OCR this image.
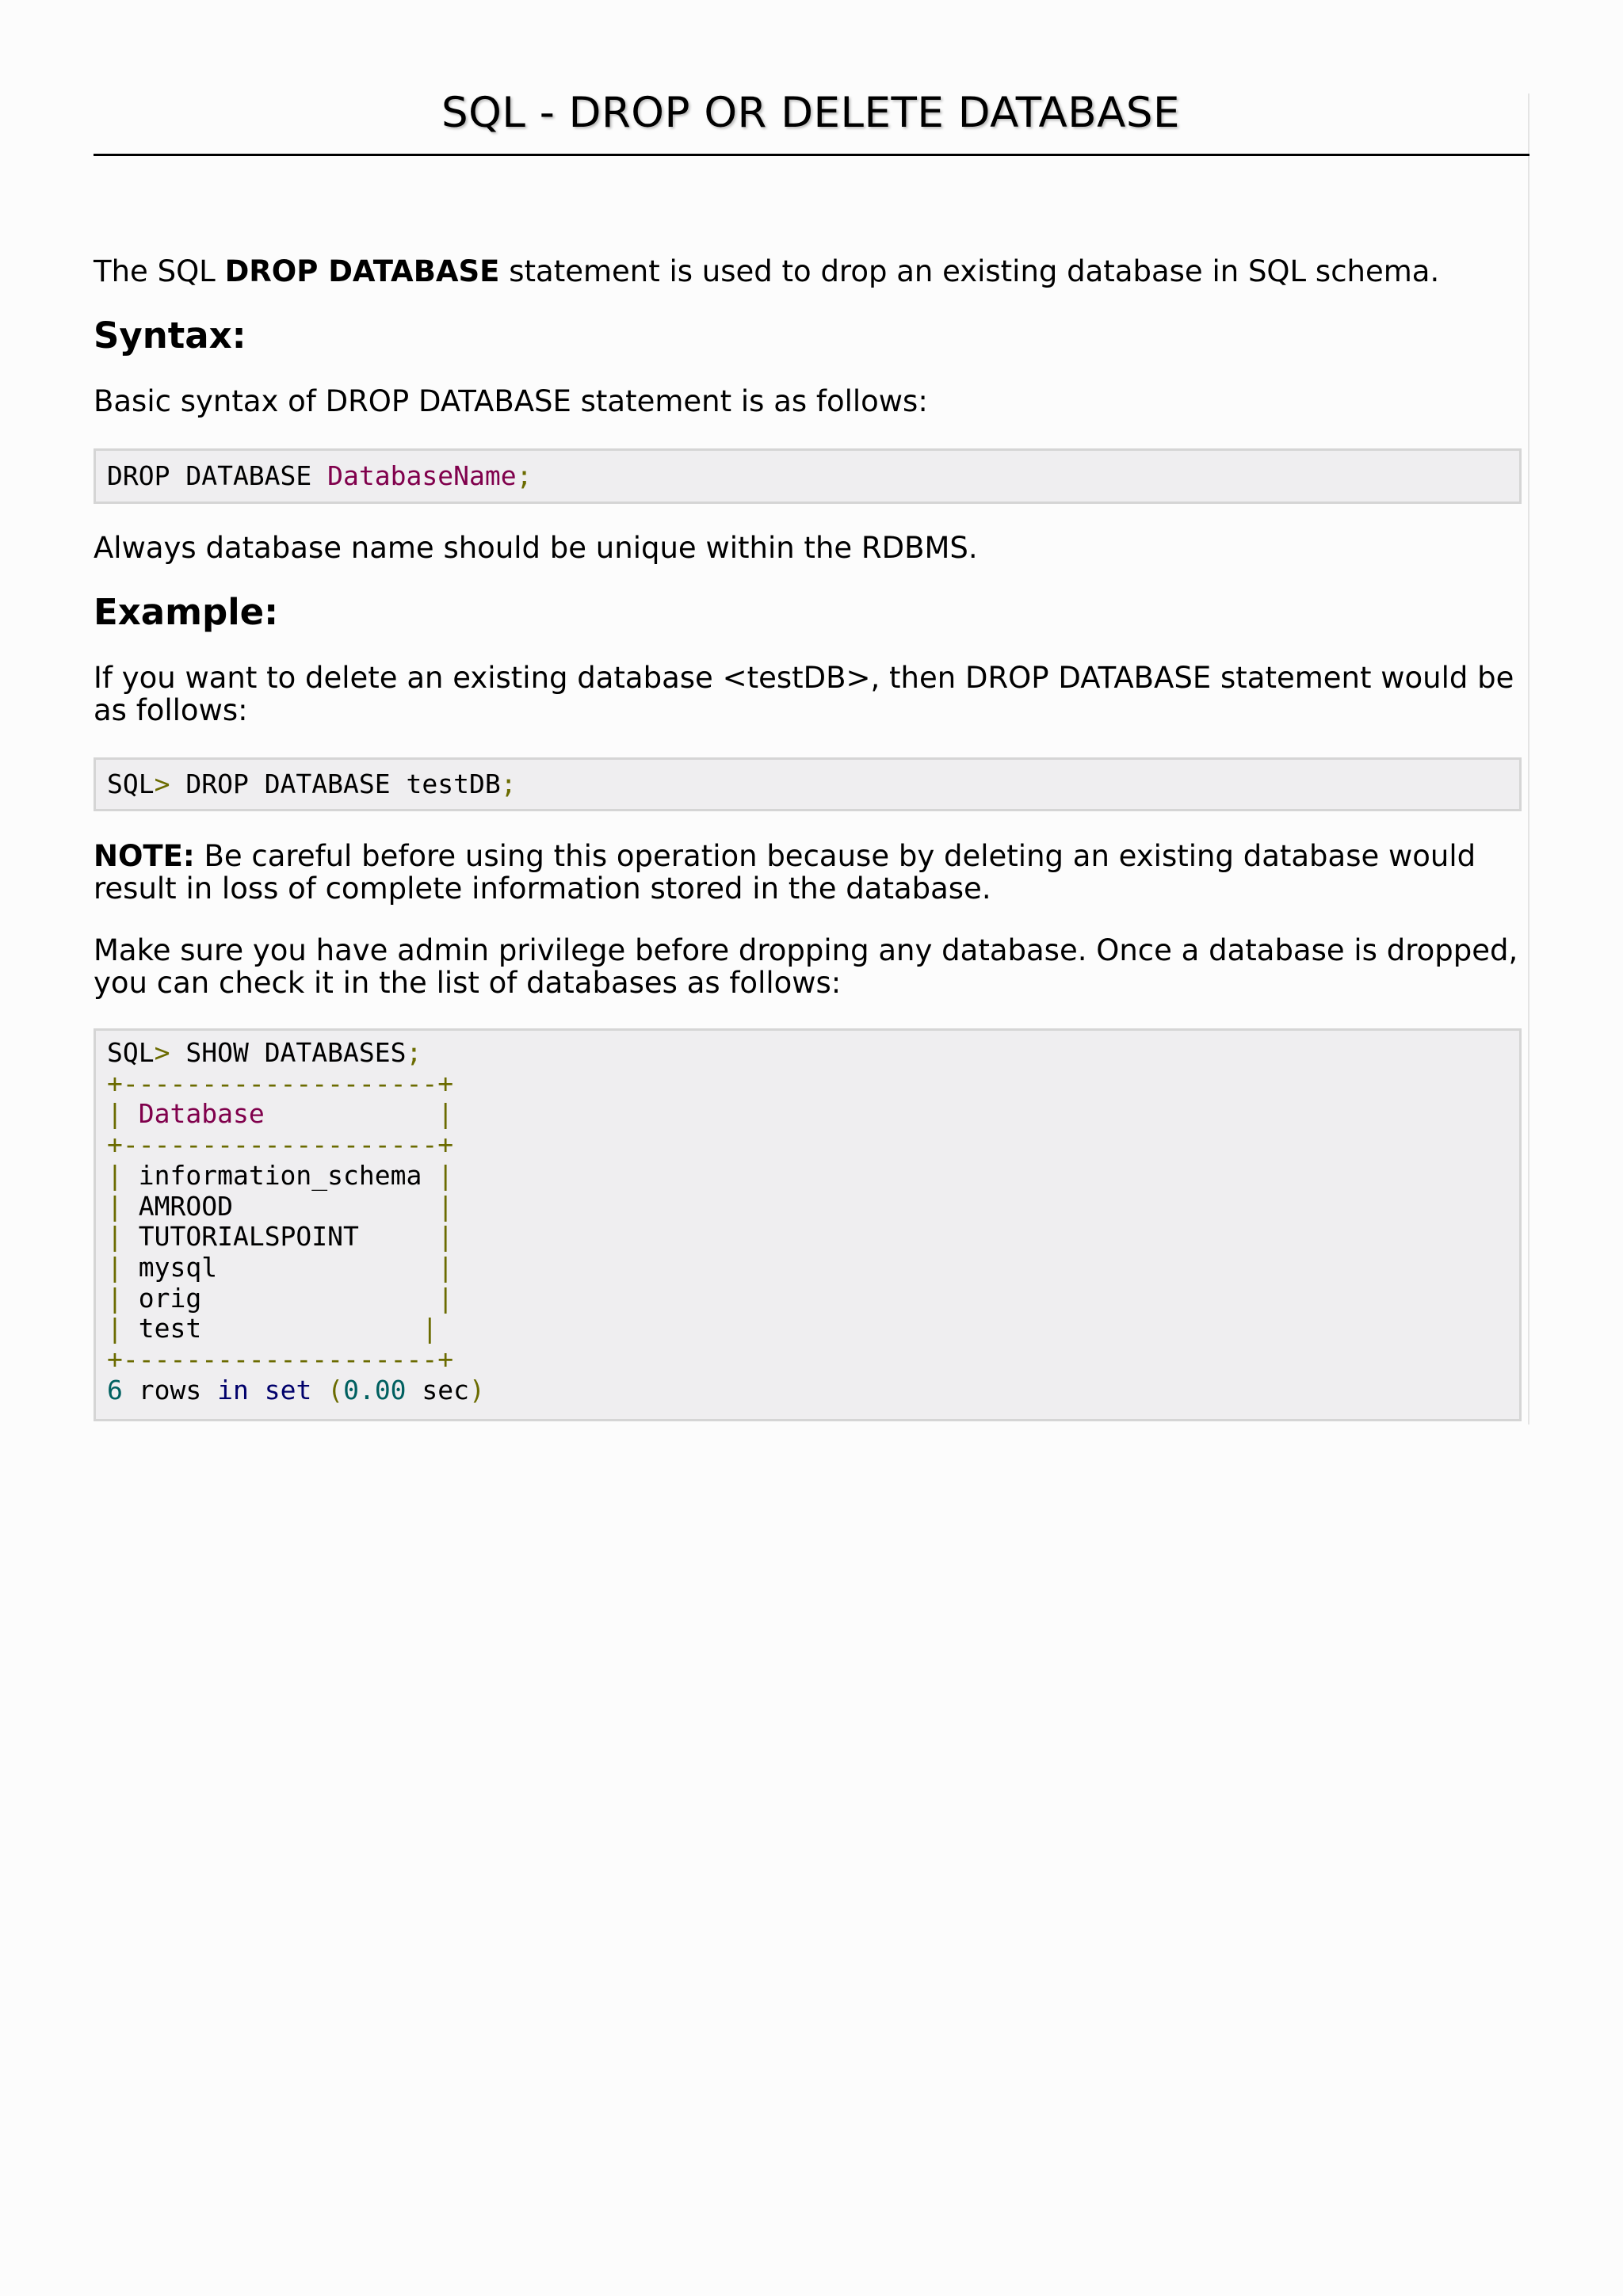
SQL - DROP OR DELETE DATABASE

The SQL DROP DATABASE statement is used to drop an existing database in SQL schema.

Syntax:

Basic syntax of DROP DATABASE statement is as follows:

DROP DATABASE DatabaseName;

Always database name should be unique within the RDBMS.

Example:

If you want to delete an existing database <testDB>, then DROP DATABASE statement would be as follows:

SQL> DROP DATABASE testDB;

NOTE: Be careful before using this operation because by deleting an existing database would result in loss of complete information stored in the database.

Make sure you have admin privilege before dropping any database. Once a database is dropped, you can check it in the list of databases as follows:

SQL> SHOW DATABASES;
+--------------------+
| Database	|
+--------------------+
| information_schema |
| AMROOD	|
| TUTORIALSPOINT	|
| mysql	|
| orig	|
| test	|
+--------------------+
6 rows in set (0.00 sec)
